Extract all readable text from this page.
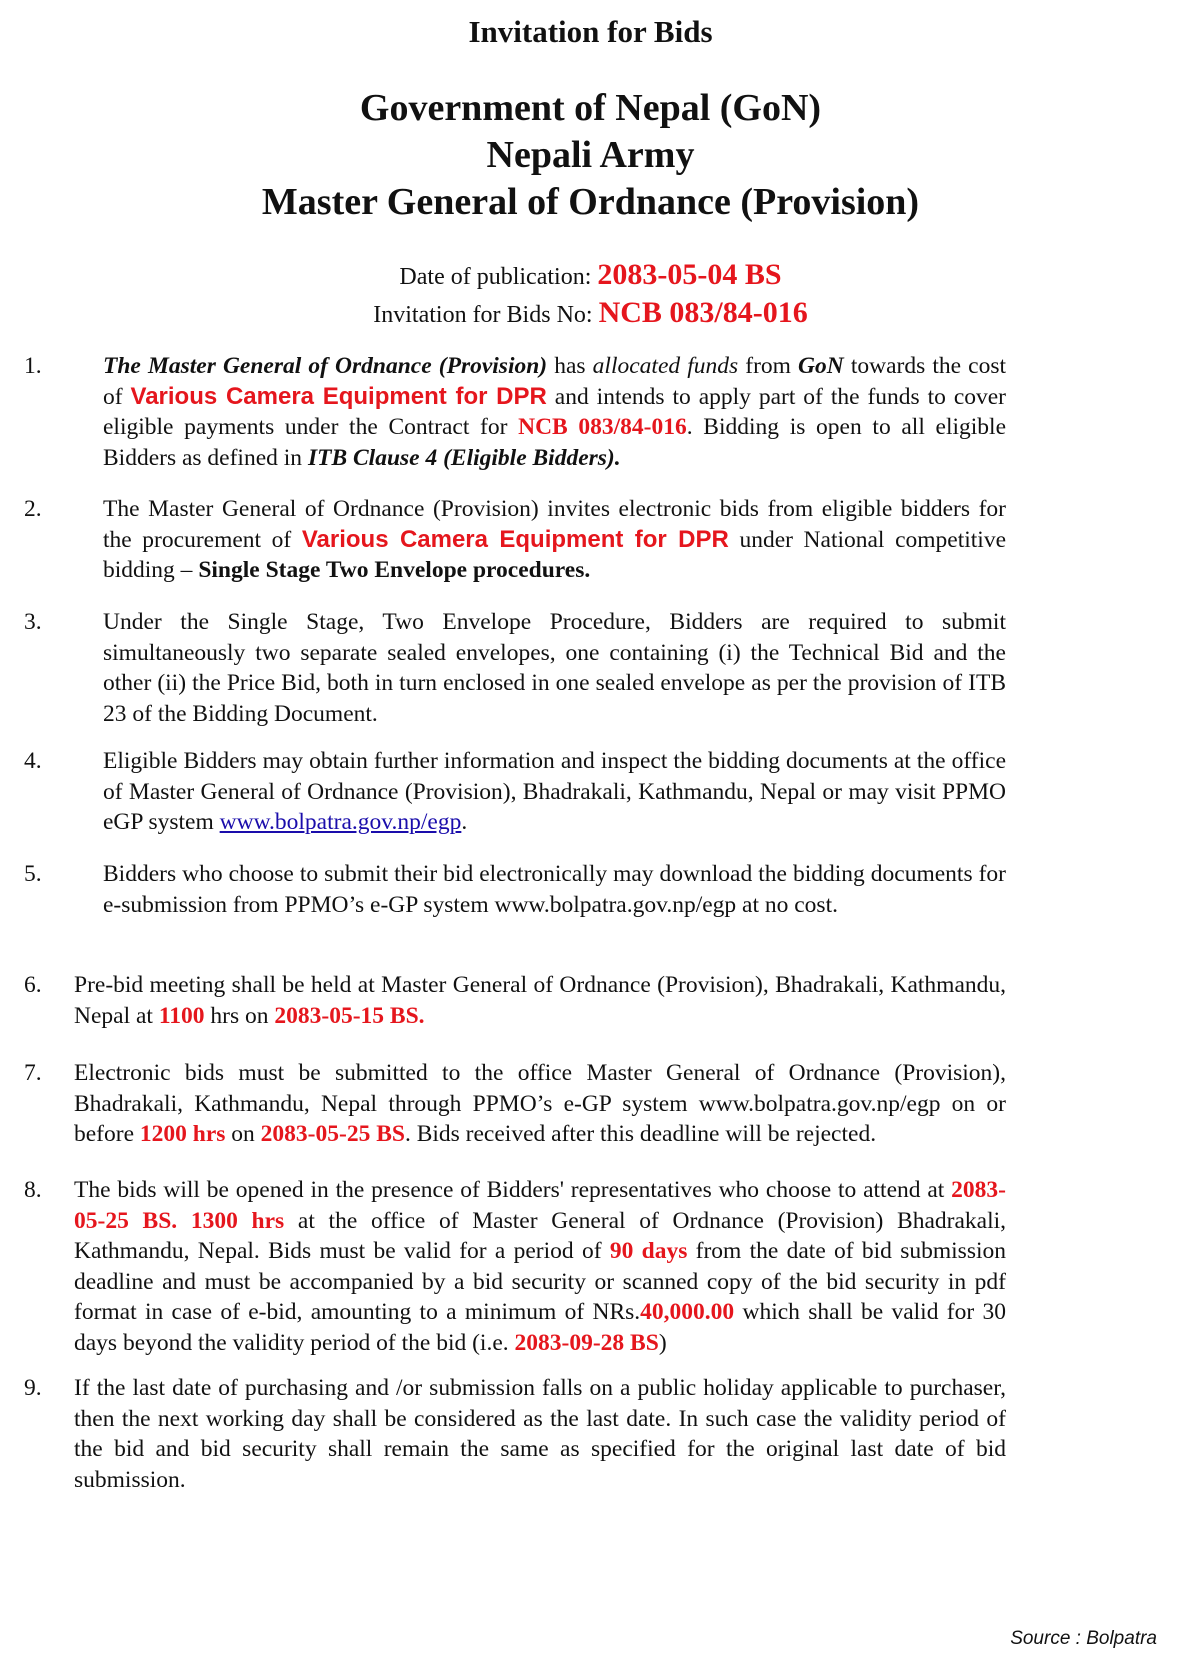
Invitation for Bids
Government of Nepal (GoN)
Nepali Army
Master General of Ordnance (Provision)
Date of publication: 2083-05-04 BS
Invitation for Bids No: NCB 083/84-016
1.	The Master General of Ordnance (Provision) has allocated funds from GoN towards the cost of Various Camera Equipment for DPR and intends to apply part of the funds to cover eligible payments under the Contract for NCB 083/84-016. Bidding is open to all eligible Bidders as defined in ITB Clause 4 (Eligible Bidders).
2.	The Master General of Ordnance (Provision) invites electronic bids from eligible bidders for the procurement of Various Camera Equipment for DPR under National competitive bidding – Single Stage Two Envelope procedures.
3.	Under the Single Stage, Two Envelope Procedure, Bidders are required to submit simultaneously two separate sealed envelopes, one containing (i) the Technical Bid and the other (ii) the Price Bid, both in turn enclosed in one sealed envelope as per the provision of ITB 23 of the Bidding Document.
4.	Eligible Bidders may obtain further information and inspect the bidding documents at the office of Master General of Ordnance (Provision), Bhadrakali, Kathmandu, Nepal or may visit PPMO eGP system www.bolpatra.gov.np/egp.
5.	Bidders who choose to submit their bid electronically may download the bidding documents for e-submission from PPMO’s e-GP system www.bolpatra.gov.np/egp at no cost.
6. Pre-bid meeting shall be held at Master General of Ordnance (Provision), Bhadrakali, Kathmandu, Nepal at 1100 hrs on 2083-05-15 BS.
7. Electronic bids must be submitted to the office Master General of Ordnance (Provision), Bhadrakali, Kathmandu, Nepal through PPMO’s e-GP system www.bolpatra.gov.np/egp on or before 1200 hrs on 2083-05-25 BS. Bids received after this deadline will be rejected.
8. The bids will be opened in the presence of Bidders' representatives who choose to attend at 2083-05-25 BS. 1300 hrs at the office of Master General of Ordnance (Provision) Bhadrakali, Kathmandu, Nepal. Bids must be valid for a period of 90 days from the date of bid submission deadline and must be accompanied by a bid security or scanned copy of the bid security in pdf format in case of e-bid, amounting to a minimum of NRs.40,000.00 which shall be valid for 30 days beyond the validity period of the bid (i.e. 2083-09-28 BS)
9. If the last date of purchasing and /or submission falls on a public holiday applicable to purchaser, then the next working day shall be considered as the last date. In such case the validity period of the bid and bid security shall remain the same as specified for the original last date of bid submission.
Source : Bolpatra
